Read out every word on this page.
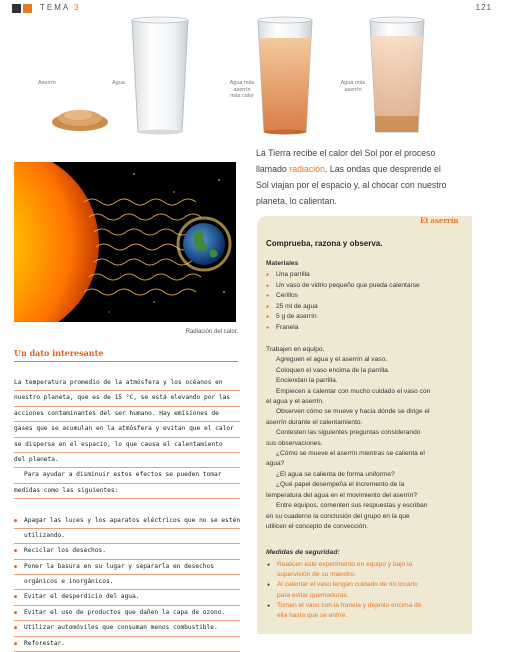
TEMA 3	121
Aserrín	Agua	Agua más
aserrín
más calor
Agua más
aserrín
La Tierra recibe el calor del Sol por el proceso llamado radiación. Las ondas que desprende el Sol viajan por el espacio y, al chocar con nuestro planeta, lo calientan.
Radiación del calor.
Un dato interesante
La temperatura promedio de la atmósfera y los océanos en
nuestro planeta, que es de 15 °C, se está elevando por las
acciones contaminantes del ser humano. Hay emisiones de
gases que se acumulan en la atmósfera y evitan que el calor
se disperse en el espacio, lo que causa el calentamiento
del planeta.
Para ayudar a disminuir estos efectos se pueden tomar
medidas como las siguientes:
● Apagar las luces y los aparatos eléctricos que no se estén
utilizando.
● Reciclar los desechos.
● Poner la basura en su lugar y separarla en desechos
orgánicos e inorgánicos.
● Evitar el desperdicio del agua.
● Evitar el uso de productos que dañen la capa de ozono.
● Utilizar automóviles que consuman menos combustible.
● Reforestar.
El aserrín
Comprueba, razona y observa.
Materiales
● Una parrilla
● Un vaso de vidrio pequeño que pueda calentarse
● Cerillos
● 25 ml de agua
● 5 g de aserrín
● Franela
Trabajen en equipo.
Agreguen el agua y el aserrín al vaso.
Coloquen el vaso encima de la parrilla.
Enciendan la parrilla.
Empiecen a calentar con mucho cuidado el vaso con
el agua y el aserrín.
Observen cómo se mueve y hacia dónde se dirige el
aserrín durante el calentamiento.
Contesten las siguientes preguntas considerando
sus observaciones.
¿Cómo se mueve el aserrín mientras se calienta el
agua?
¿El agua se calienta de forma uniforme?
¿Qué papel desempeña el incremento de la
temperatura del agua en el movimiento del aserrín?
Entre equipos, comenten sus respuestas y escriban
en su cuaderno la conclusión del grupo en la que
utilicen el concepto de convección.
Medidas de seguridad:
● Realicen este experimento en equipo y bajo la
supervisión de su maestro.
● Al calentar el vaso tengan cuidado de no tocarlo
para evitar quemaduras.
● Tomen el vaso con la franela y déjenlo encima de
ella hasta que se enfríe.
